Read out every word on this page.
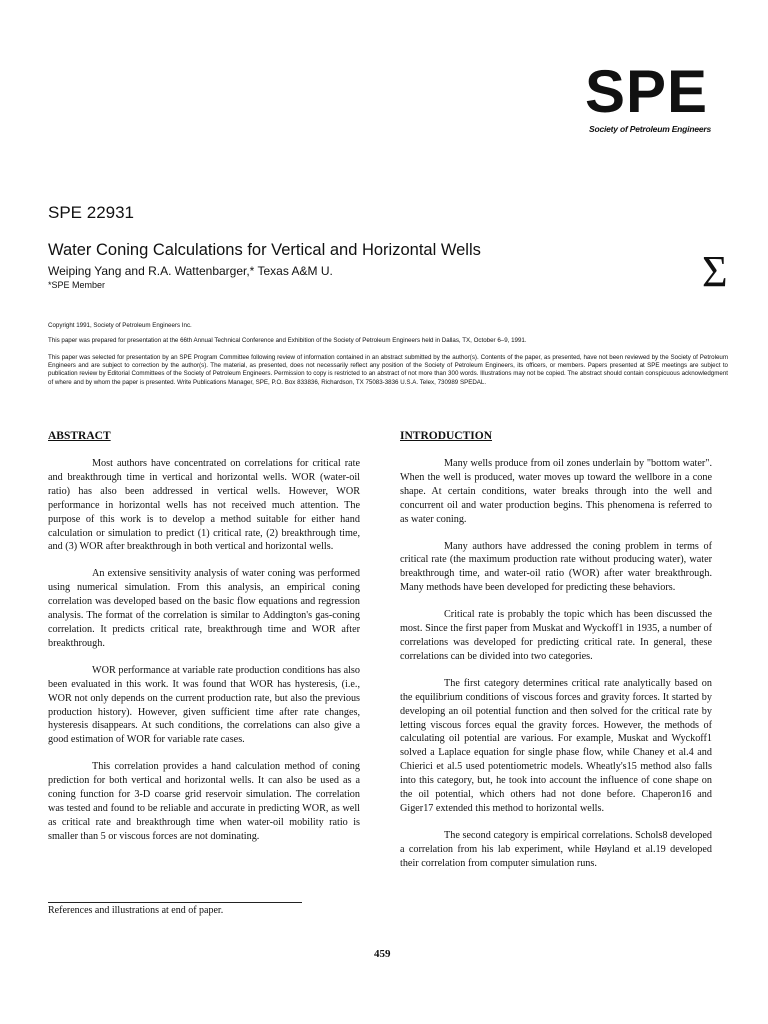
SPE
Society of Petroleum Engineers
SPE 22931
Water Coning Calculations for Vertical and Horizontal Wells
Weiping Yang and R.A. Wattenbarger,* Texas A&M U.
*SPE Member	Σ
Copyright 1991, Society of Petroleum Engineers Inc.
This paper was prepared for presentation at the 66th Annual Technical Conference and Exhibition of the Society of Petroleum Engineers held in Dallas, TX, October 6–9, 1991.
This paper was selected for presentation by an SPE Program Committee following review of information contained in an abstract submitted by the author(s). Contents of the paper, as presented, have not been reviewed by the Society of Petroleum Engineers and are subject to correction by the author(s). The material, as presented, does not necessarily reflect any position of the Society of Petroleum Engineers, its officers, or members. Papers presented at SPE meetings are subject to publication review by Editorial Committees of the Society of Petroleum Engineers. Permission to copy is restricted to an abstract of not more than 300 words. Illustrations may not be copied. The abstract should contain conspicuous acknowledgment of where and by whom the paper is presented. Write Publications Manager, SPE, P.O. Box 833836, Richardson, TX 75083-3836 U.S.A. Telex, 730989 SPEDAL.
ABSTRACT	INTRODUCTION

Most authors have concentrated on correlations for critical rate and breakthrough time in vertical and horizontal wells. WOR (water-oil ratio) has also been addressed in vertical wells. However, WOR performance in horizontal wells has not received much attention. The purpose of this work is to develop a method suitable for either hand calculation or simulation to predict (1) critical rate, (2) breakthrough time, and (3) WOR after breakthrough in both vertical and horizontal wells.

An extensive sensitivity analysis of water coning was performed using numerical simulation. From this analysis, an empirical coning correlation was developed based on the basic flow equations and regression analysis. The format of the correlation is similar to Addington's gas-coning correlation. It predicts critical rate, breakthrough time and WOR after breakthrough.

WOR performance at variable rate production conditions has also been evaluated in this work. It was found that WOR has hysteresis, (i.e., WOR not only depends on the current production rate, but also the previous production history). However, given sufficient time after rate changes, hysteresis disappears. At such conditions, the correlations can also give a good estimation of WOR for variable rate cases.

This correlation provides a hand calculation method of coning prediction for both vertical and horizontal wells. It can also be used as a coning function for 3-D coarse grid reservoir simulation. The correlation was tested and found to be reliable and accurate in predicting WOR, as well as critical rate and breakthrough time when water-oil mobility ratio is smaller than 5 or viscous forces are not dominating.

Many wells produce from oil zones underlain by "bottom water". When the well is produced, water moves up toward the wellbore in a cone shape. At certain conditions, water breaks through into the well and concurrent oil and water production begins. This phenomena is referred to as water coning.

Many authors have addressed the coning problem in terms of critical rate (the maximum production rate without producing water), water breakthrough time, and water-oil ratio (WOR) after water breakthrough. Many methods have been developed for predicting these behaviors.

Critical rate is probably the topic which has been discussed the most. Since the first paper from Muskat and Wyckoff1 in 1935, a number of correlations was developed for predicting critical rate. In general, these correlations can be divided into two categories.

The first category determines critical rate analytically based on the equilibrium conditions of viscous forces and gravity forces. It started by developing an oil potential function and then solved for the critical rate by letting viscous forces equal the gravity forces. However, the methods of calculating oil potential are various. For example, Muskat and Wyckoff1 solved a Laplace equation for single phase flow, while Chaney et al.4 and Chierici et al.5 used potentiometric models. Wheatly's15 method also falls into this category, but, he took into account the influence of cone shape on the oil potential, which others had not done before. Chaperon16 and Giger17 extended this method to horizontal wells.

The second category is empirical correlations. Schols8 developed a correlation from his lab experiment, while Høyland et al.19 developed their correlation from computer simulation runs.

References and illustrations at end of paper.
459
